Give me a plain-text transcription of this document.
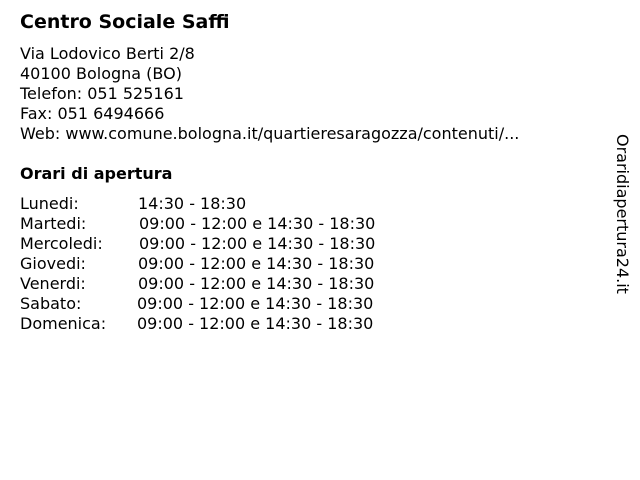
Centro Sociale Saffi
Via Lodovico Berti 2/8
40100 Bologna (BO)
Telefon: 051 525161
Fax: 051 6494666
Web: www.comune.bologna.it/quartieresaragozza/contenuti/...
Orari di apertura
Lunedi:	14:30 - 18:30
Martedi:	09:00 - 12:00 e 14:30 - 18:30
Mercoledi: 09:00 - 12:00 e 14:30 - 18:30
Giovedi:	09:00 - 12:00 e 14:30 - 18:30
Venerdi:	09:00 - 12:00 e 14:30 - 18:30
Sabato:	09:00 - 12:00 e 14:30 - 18:30
Domenica: 09:00 - 12:00 e 14:30 - 18:30
Oraridiapertura24.it
